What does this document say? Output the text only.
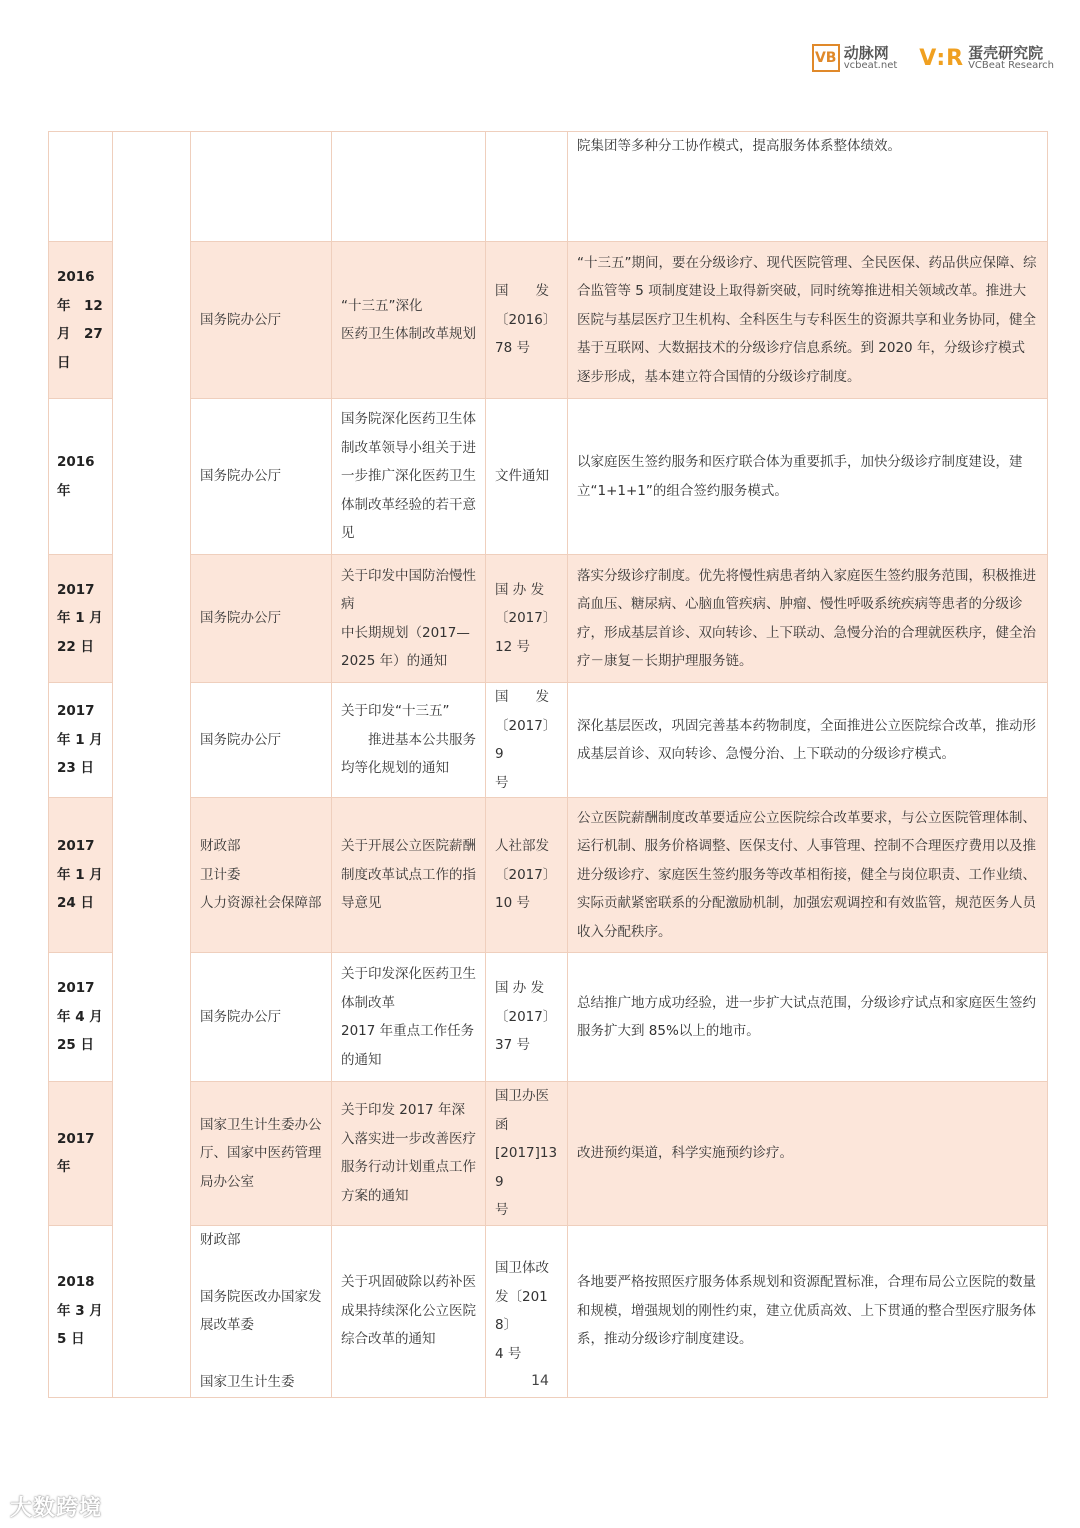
VB 动脉网
vcbeat.net V:R 蛋壳研究院
VCBeat Research
					院集团等多种分工协作模式，提高服务体系整体绩效。

2016
年　12
月　27
日		国务院办公厅	“十三五”深化
医药卫生体制改革规划	国　　发
〔2016〕
78 号	“十三五”期间，要在分级诊疗、现代医院管理、全民医保、药品供应保障、综合监管等 5 项制度建设上取得新突破，同时统筹推进相关领域改革。推进大医院与基层医疗卫生机构、全科医生与专科医生的资源共享和业务协同，健全基于互联网、大数据技术的分级诊疗信息系统。到 2020 年，分级诊疗模式逐步形成，基本建立符合国情的分级诊疗制度。
2016
年		国务院办公厅	国务院深化医药卫生体制改革领导小组关于进一步推广深化医药卫生体制改革经验的若干意见	文件通知	以家庭医生签约服务和医疗联合体为重要抓手，加快分级诊疗制度建设，建立“1+1+1”的组合签约服务模式。
2017
年 1 月
22 日		国务院办公厅	关于印发中国防治慢性病
中长期规划（2017—2025 年）的通知	国 办 发
〔2017〕
12 号	落实分级诊疗制度。优先将慢性病患者纳入家庭医生签约服务范围，积极推进高血压、糖尿病、心脑血管疾病、肿瘤、慢性呼吸系统疾病等患者的分级诊疗，形成基层首诊、双向转诊、上下联动、急慢分治的合理就医秩序，健全治疗－康复－长期护理服务链。
2017
年 1 月
23 日		国务院办公厅	关于印发“十三五”
　　推进基本公共服务均等化规划的通知	国　　发
〔2017〕9
号	深化基层医改，巩固完善基本药物制度，全面推进公立医院综合改革，推动形成基层首诊、双向转诊、急慢分治、上下联动的分级诊疗模式。
2017
年 1 月
24 日		财政部
卫计委
人力资源社会保障部	关于开展公立医院薪酬制度改革试点工作的指导意见	人社部发
〔2017〕
10 号	公立医院薪酬制度改革要适应公立医院综合改革要求，与公立医院管理体制、运行机制、服务价格调整、医保支付、人事管理、控制不合理医疗费用以及推进分级诊疗、家庭医生签约服务等改革相衔接，健全与岗位职责、工作业绩、实际贡献紧密联系的分配激励机制，加强宏观调控和有效监管，规范医务人员收入分配秩序。
2017
年 4 月
25 日		国务院办公厅	关于印发深化医药卫生体制改革
2017 年重点工作任务的通知	国 办 发
〔2017〕
37 号	总结推广地方成功经验，进一步扩大试点范围，分级诊疗试点和家庭医生签约服务扩大到 85%以上的地市。
2017
年		国家卫生计生委办公厅、国家中医药管理局办公室	关于印发 2017 年深入落实进一步改善医疗服务行动计划重点工作方案的通知	国卫办医
函
[2017]139
号	改进预约渠道，科学实施预约诊疗。
2018
年 3 月
5 日		财政部

国务院医改办国家发展改革委

国家卫生计生委	关于巩固破除以药补医成果持续深化公立医院综合改革的通知	国卫体改
发〔2018〕
4 号	各地要严格按照医疗服务体系规划和资源配置标准，合理布局公立医院的数量和规模，增强规划的刚性约束，建立优质高效、上下贯通的整合型医疗服务体系，推动分级诊疗制度建设。
14
大数跨境
